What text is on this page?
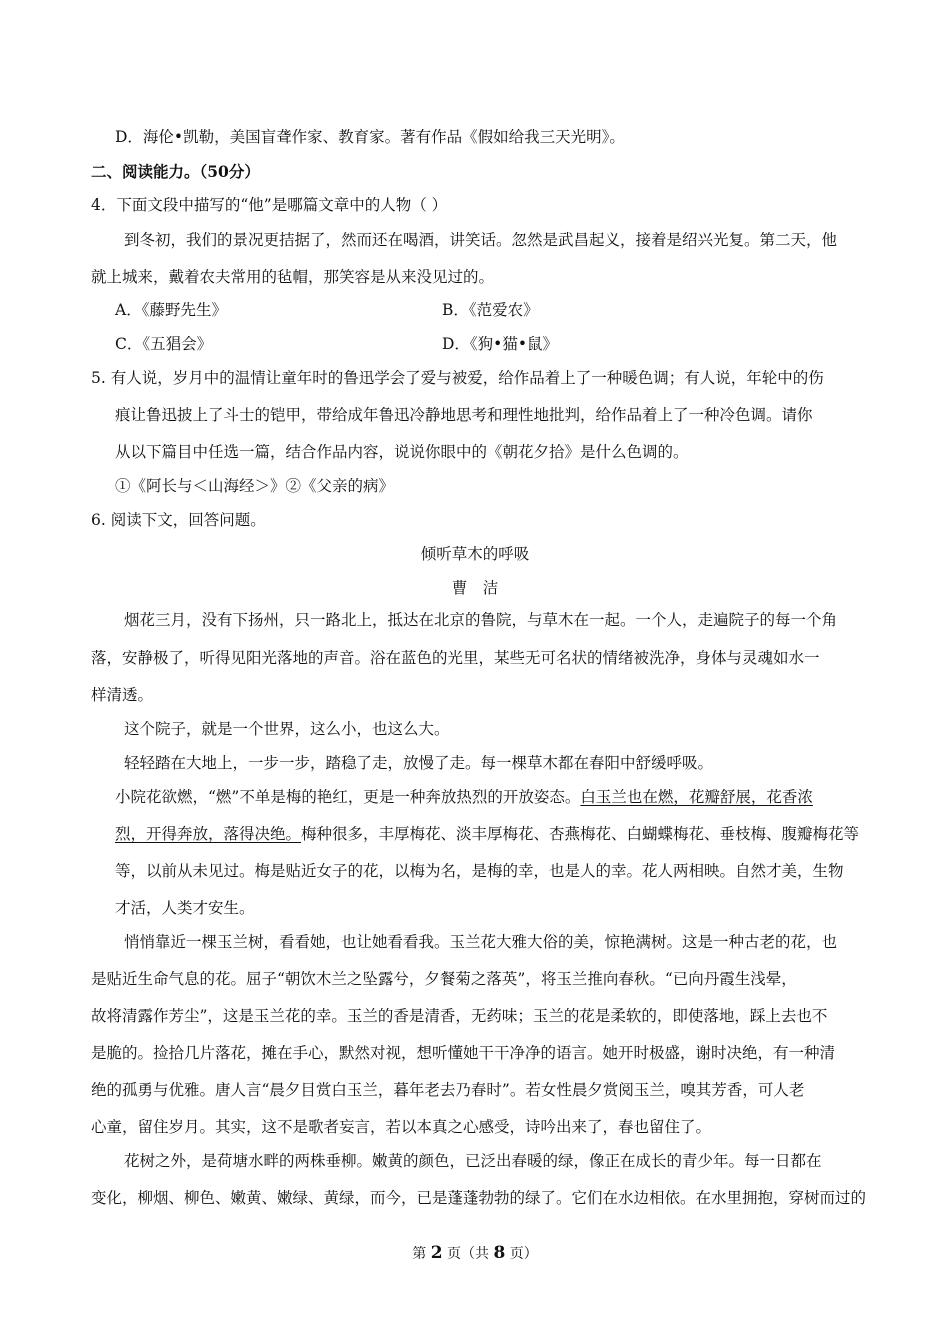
D．海伦•凯勒，美国盲聋作家、教育家。著有作品《假如给我三天光明》。
二、阅读能力。（50分）
4．下面文段中描写的“他”是哪篇文章中的人物（ ）
到冬初，我们的景况更拮据了，然而还在喝酒，讲笑话。忽然是武昌起义，接着是绍兴光复。第二天，他
就上城来，戴着农夫常用的毡帽，那笑容是从来没见过的。
A．《藤野先生》	B．《范爱农》
C．《五猖会》	D．《狗•猫•鼠》
5. 有人说，岁月中的温情让童年时的鲁迅学会了爱与被爱，给作品着上了一种暖色调；有人说，年轮中的伤
痕让鲁迅披上了斗士的铠甲，带给成年鲁迅冷静地思考和理性地批判，给作品着上了一种冷色调。请你
从以下篇目中任选一篇，结合作品内容，说说你眼中的《朝花夕拾》是什么色调的。
①《阿长与＜山海经＞》②《父亲的病》
6. 阅读下文，回答问题。
倾听草木的呼吸
曹　洁
烟花三月，没有下扬州，只一路北上，抵达在北京的鲁院，与草木在一起。一个人，走遍院子的每一个角
落，安静极了，听得见阳光落地的声音。浴在蓝色的光里，某些无可名状的情绪被洗净，身体与灵魂如水一
样清透。
这个院子，就是一个世界，这么小，也这么大。
轻轻踏在大地上，一步一步，踏稳了走，放慢了走。每一棵草木都在春阳中舒缓呼吸。
小院花欲燃，“燃”不单是梅的艳红，更是一种奔放热烈的开放姿态。白玉兰也在燃，花瓣舒展，花香浓
烈，开得奔放，落得决绝。梅种很多，丰厚梅花、淡丰厚梅花、杏燕梅花、白蝴蝶梅花、垂枝梅、腹瓣梅花等
等，以前从未见过。梅是贴近女子的花，以梅为名，是梅的幸，也是人的幸。花人两相映。自然才美，生物
才活，人类才安生。
悄悄靠近一棵玉兰树，看看她，也让她看看我。玉兰花大雅大俗的美，惊艳满树。这是一种古老的花，也
是贴近生命气息的花。屈子“朝饮木兰之坠露兮，夕餐菊之落英”，将玉兰推向春秋。“已向丹霞生浅晕，
故将清露作芳尘”，这是玉兰花的幸。玉兰的香是清香，无药味；玉兰的花是柔软的，即使落地，踩上去也不
是脆的。捡拾几片落花，摊在手心，默然对视，想听懂她干干净净的语言。她开时极盛，谢时决绝，有一种清
绝的孤勇与优雅。唐人言“晨夕目赏白玉兰，暮年老去乃春时”。若女性晨夕赏阅玉兰，嗅其芳香，可人老
心童，留住岁月。其实，这不是歌者妄言，若以本真之心感受，诗吟出来了，春也留住了。
花树之外，是荷塘水畔的两株垂柳。嫩黄的颜色，已泛出春暖的绿，像正在成长的青少年。每一日都在
变化，柳烟、柳色、嫩黄、嫩绿、黄绿，而今，已是蓬蓬勃勃的绿了。它们在水边相依。在水里拥抱，穿树而过的
第 2 页（共 8 页）
